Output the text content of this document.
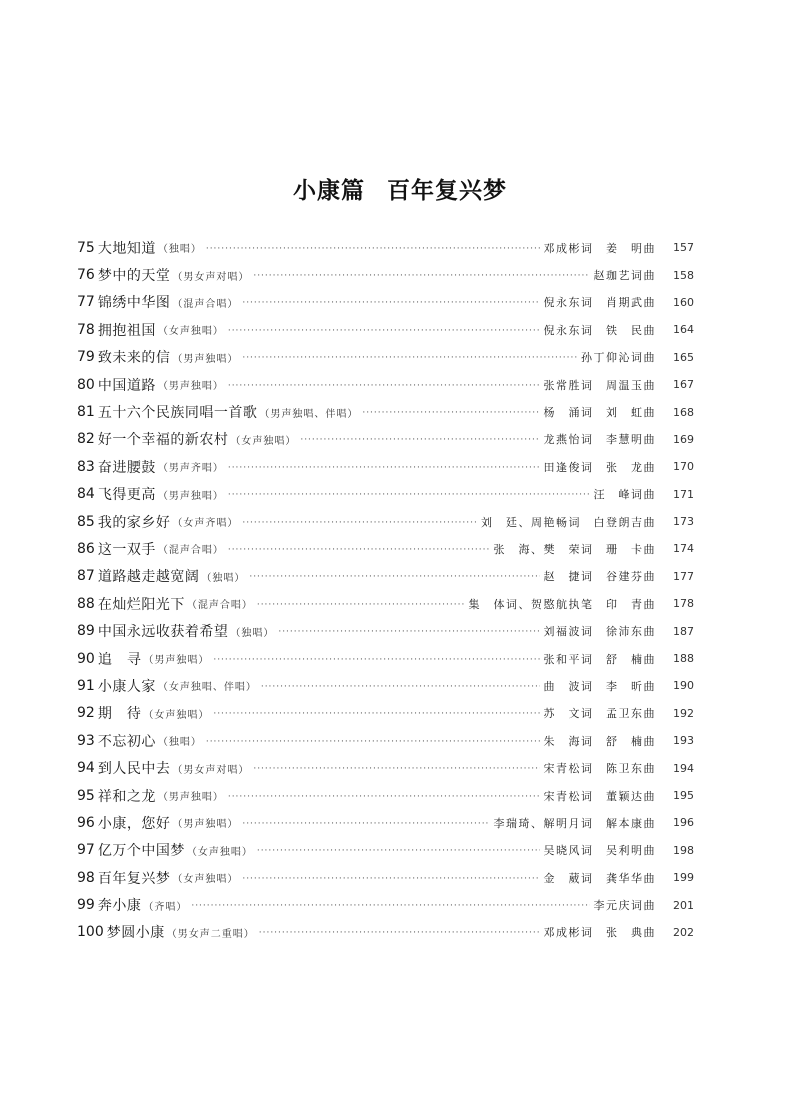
小康篇 百年复兴梦
75 大地知道 （独唱） ·····	邓成彬词　姜　明曲 157
76 梦中的天堂 （男女声对唱） ·····	赵珈艺词曲 158
77 锦绣中华图 （混声合唱） ·····	倪永东词　肖期武曲 160
78 拥抱祖国 （女声独唱） ·····	倪永东词　铁　民曲 164
79 致未来的信 （男声独唱） ·····	孙丁仰沁词曲 165
80 中国道路 （男声独唱） ·····	张常胜词　周温玉曲 167
81 五十六个民族同唱一首歌 （男声独唱、伴唱） ·····	杨　涌词　刘　虹曲 168
82 好一个幸福的新农村 （女声独唱） ·····	龙燕怡词　李慧明曲 169
83 奋进腰鼓 （男声齐唱） ·····	田逢俊词　张　龙曲 170
84 飞得更高 （男声独唱） ·····	汪　峰词曲 171
85 我的家乡好 （女声齐唱） ·····	刘　廷、周艳畅词　白登朗吉曲 173
86 这一双手 （混声合唱） ·····	张　海、樊　荣词　珊　卡曲 174
87 道路越走越宽阔 （独唱） ·····	赵　捷词　谷建芬曲 177
88 在灿烂阳光下 （混声合唱） ·····	集　体词、贺愍航执笔　印　青曲 178
89 中国永远收获着希望 （独唱） ·····	刘福波词　徐沛东曲 187
90 追　寻 （男声独唱） ·····	张和平词　舒　楠曲 188
91 小康人家 （女声独唱、伴唱） ·····	曲　波词　李　昕曲 190
92 期　待 （女声独唱） ·····	苏　文词　孟卫东曲 192
93 不忘初心 （独唱） ·····	朱　海词　舒　楠曲 193
94 到人民中去 （男女声对唱） ·····	宋青松词　陈卫东曲 194
95 祥和之龙 （男声独唱） ·····	宋青松词　董颖达曲 195
96 小康，您好 （男声独唱） ·····	李瑞琦、解明月词　解本康曲 196
97 亿万个中国梦 （女声独唱） ·····	吴晓风词　吴利明曲 198
98 百年复兴梦 （女声独唱） ·····	金　葳词　龚华华曲 199
99 奔小康 （齐唱） ·····	李元庆词曲 201
100 梦圆小康 （男女声二重唱） ·····	邓成彬词　张　典曲 202
